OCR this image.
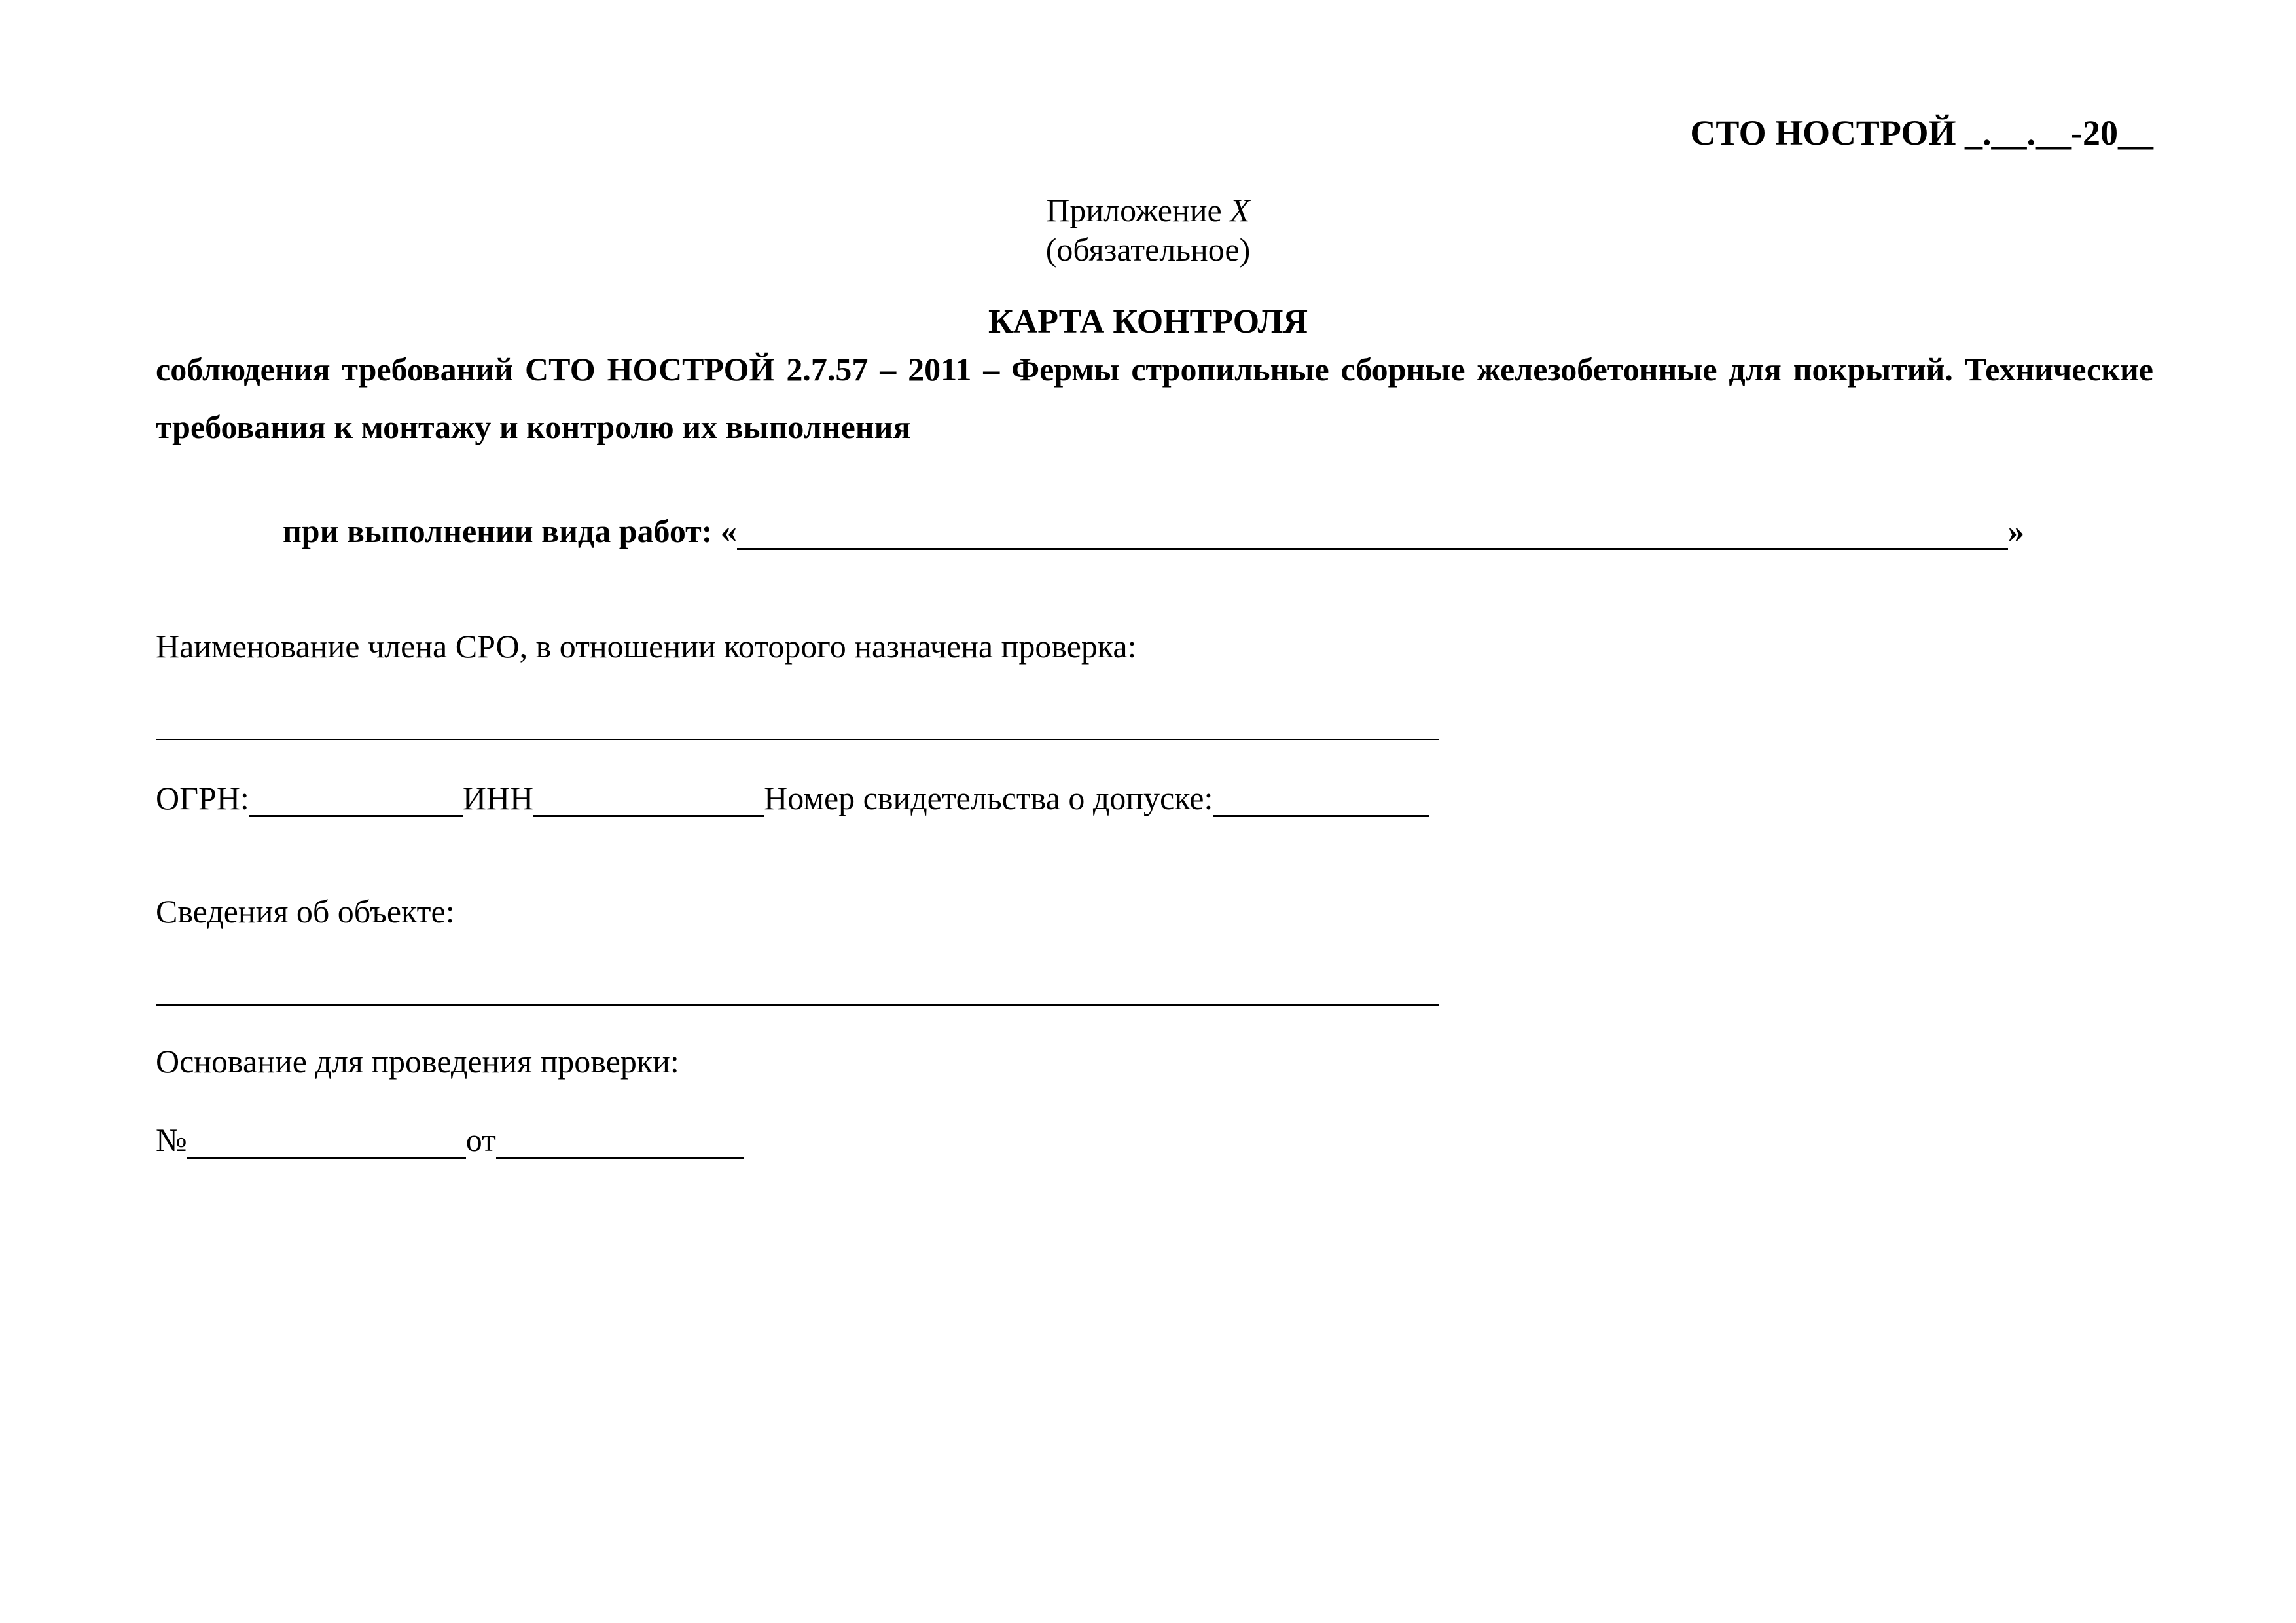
СТО НОСТРОЙ _.__.__-20__
Приложение X
(обязательное)
КАРТА КОНТРОЛЯ
соблюдения требований СТО НОСТРОЙ 2.7.57 – 2011 – Фермы стропильные сборные железобетонные для покрытий. Технические требования к монтажу и контролю их выполнения
при выполнении вида работ: «	»
Наименование члена СРО, в отношении которого назначена проверка:
ОГРН:	ИНН	Номер свидетельства о допуске:
Сведения об объекте:
Основание для проведения проверки:
№	от
